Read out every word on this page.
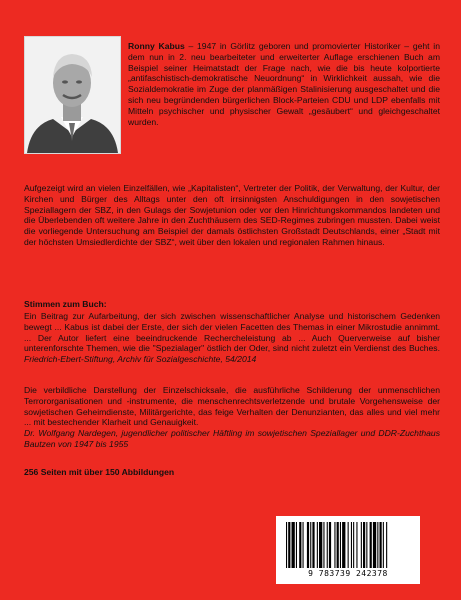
Ronny Kabus – 1947 in Görlitz geboren und promovierter Historiker – geht in dem nun in 2. neu bearbeiteter und erweiterter Auflage erschienen Buch am Beispiel seiner Heimatstadt der Frage nach, wie die bis heute kolportierte „antifaschistisch-demokratische Neuordnung“ in Wirklichkeit aussah, wie die Sozialdemokratie im Zuge der planmäßigen Stalinisierung ausgeschaltet und die sich neu begründenden bürgerlichen Block-Parteien CDU und LDP ebenfalls mit Mitteln psychischer und physischer Gewalt „gesäubert“ und gleichgeschaltet wurden.
Aufgezeigt wird an vielen Einzelfällen, wie „Kapitalisten“, Vertreter der Politik, der Verwaltung, der Kultur, der Kirchen und Bürger des Alltags unter den oft irrsinnigsten Anschuldigungen in den sowjetischen Speziallagern der SBZ, in den Gulags der Sowjetunion oder vor den Hinrichtungskommandos landeten und die Überlebenden oft weitere Jahre in den Zuchthäusern des SED-Regimes zubringen mussten. Dabei weist die vorliegende Untersuchung am Beispiel der damals östlichsten Großstadt Deutschlands, einer „Stadt mit der höchsten Umsiedlerdichte der SBZ“, weit über den lokalen und regionalen Rahmen hinaus.
Stimmen zum Buch:
Ein Beitrag zur Aufarbeitung, der sich zwischen wissenschaftlicher Analyse und historischem Gedenken bewegt ... Kabus ist dabei der Erste, der sich der vielen Facetten des Themas in einer Mikrostudie annimmt. ... Der Autor liefert eine beeindruckende Rechercheleistung ab ... Auch Querverweise auf bisher unterenforschte Themen, wie die "Spezialager" östlich der Oder, sind nicht zuletzt ein Verdienst des Buches. Friedrich-Ebert-Stiftung, Archiv für Sozialgeschichte, 54/2014
Die verbildliche Darstellung der Einzelschicksale, die ausführliche Schilderung der unmenschlichen Terrororganisationen und -instrumente, die menschenrechtsverletzende und brutale Vorgehensweise der sowjetischen Geheimdienste, Militärgerichte, das feige Verhalten der Denunzianten, das alles und viel mehr ... mit bestechender Klarheit und Genauigkeit.
Dr. Wolfgang Nardegen, jugendlicher politischer Häftling im sowjetischen Speziallager und DDR-Zuchthaus Bautzen von 1947 bis 1955
256 Seiten mit über 150 Abbildungen
9 783739 242378
